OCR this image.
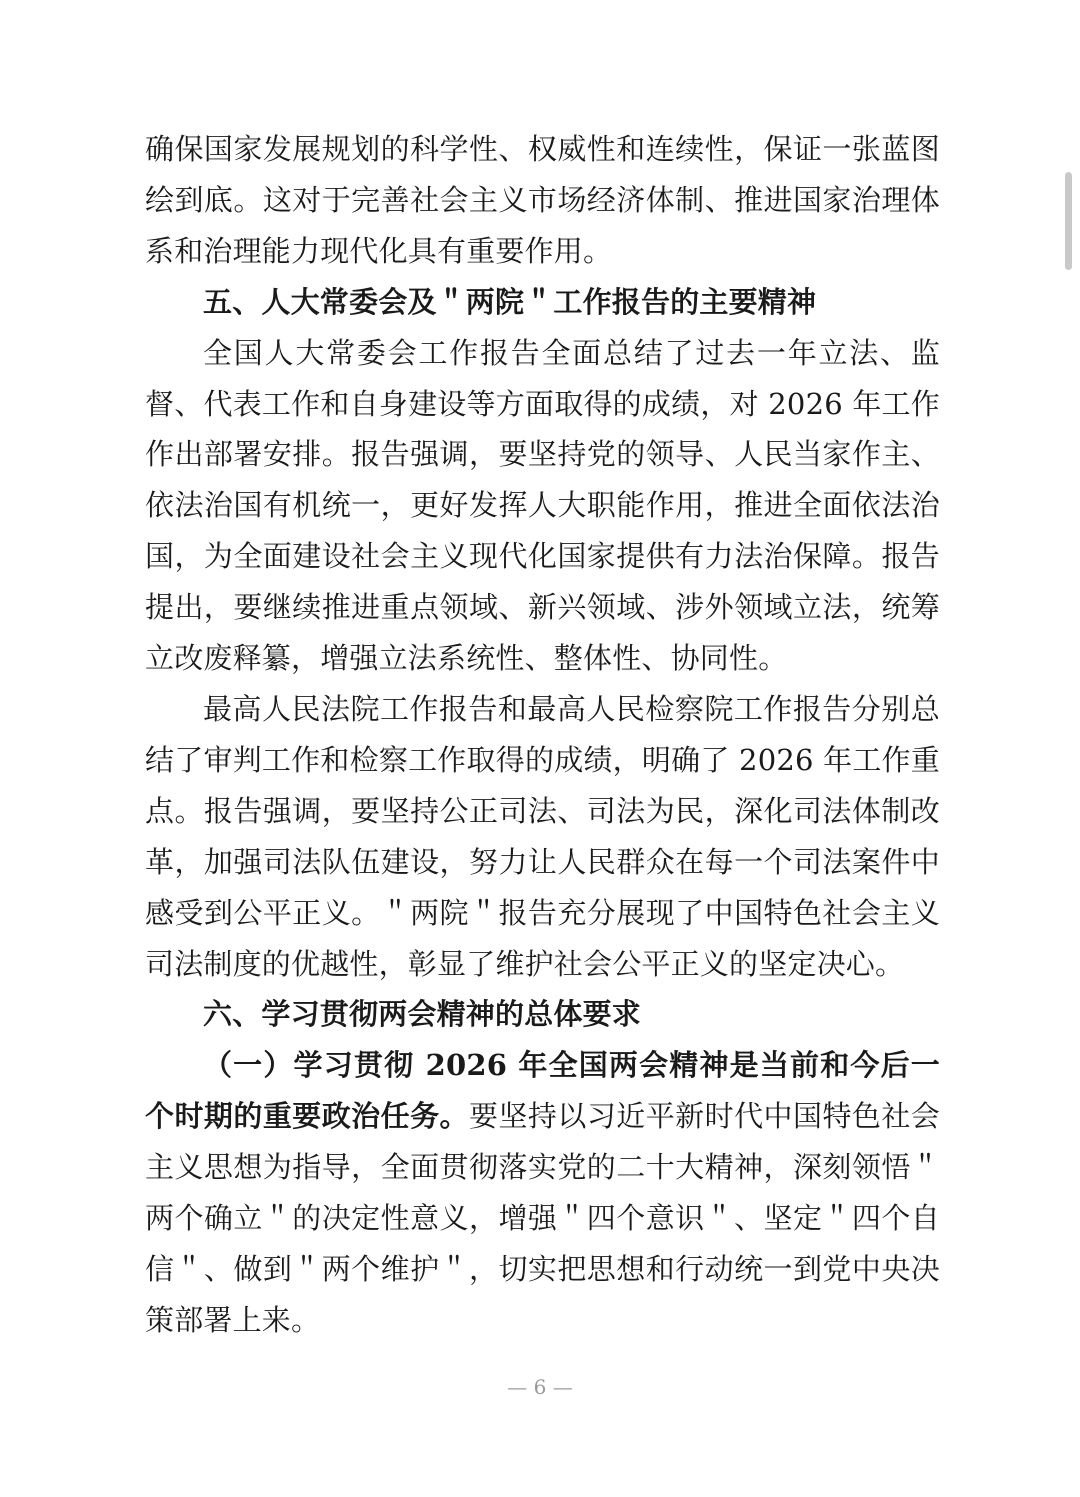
确保国家发展规划的科学性、权威性和连续性，保证一张蓝图绘到底。这对于完善社会主义市场经济体制、推进国家治理体系和治理能力现代化具有重要作用。

五、人大常委会及＂两院＂工作报告的主要精神

全国人大常委会工作报告全面总结了过去一年立法、监督、代表工作和自身建设等方面取得的成绩，对 2026 年工作作出部署安排。报告强调，要坚持党的领导、人民当家作主、依法治国有机统一，更好发挥人大职能作用，推进全面依法治国，为全面建设社会主义现代化国家提供有力法治保障。报告提出，要继续推进重点领域、新兴领域、涉外领域立法，统筹立改废释纂，增强立法系统性、整体性、协同性。

最高人民法院工作报告和最高人民检察院工作报告分别总结了审判工作和检察工作取得的成绩，明确了 2026 年工作重点。报告强调，要坚持公正司法、司法为民，深化司法体制改革，加强司法队伍建设，努力让人民群众在每一个司法案件中感受到公平正义。＂两院＂报告充分展现了中国特色社会主义司法制度的优越性，彰显了维护社会公平正义的坚定决心。

六、学习贯彻两会精神的总体要求

（一）学习贯彻 2026 年全国两会精神是当前和今后一个时期的重要政治任务。要坚持以习近平新时代中国特色社会主义思想为指导，全面贯彻落实党的二十大精神，深刻领悟＂两个确立＂的决定性意义，增强＂四个意识＂、坚定＂四个自信＂、做到＂两个维护＂，切实把思想和行动统一到党中央决策部署上来。

— 6 —
